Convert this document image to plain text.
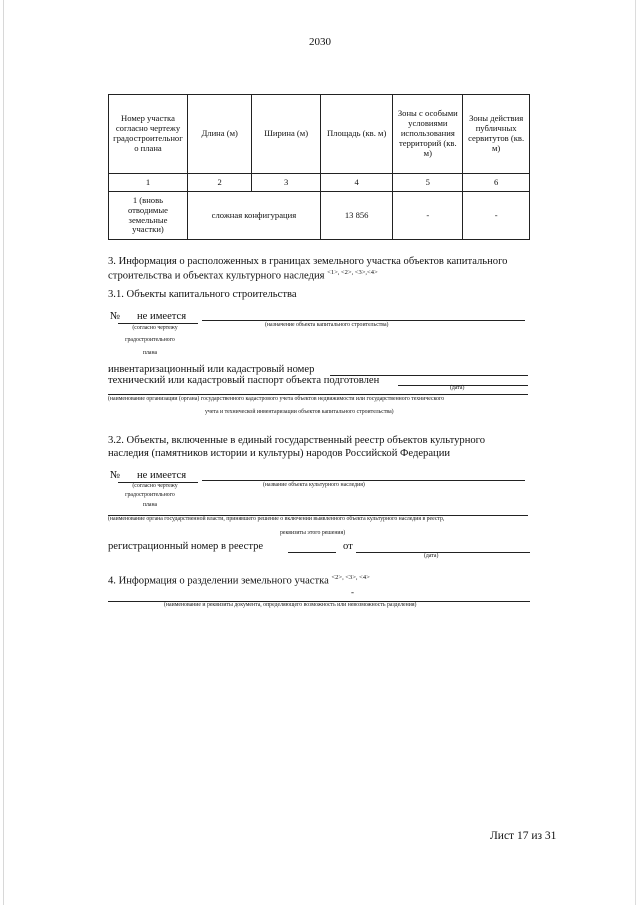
2030
Номер участка согласно чертежу градостроительног о плана	Длина (м)	Ширина (м)	Площадь (кв. м)	Зоны с особыми условиями использования территорий (кв. м)	Зоны действия публичных сервитутов (кв. м)
1	2	3	4	5	6
1 (вновь отводимые земельные участки)	сложная конфигурация		13 856	-	-
3. Информация о расположенных в границах земельного участка объектов капитального
строительства и объектах культурного наследия $^{<1>, <2>, <3>,<4>}$
3.1. Объекты капитального строительства
№ не имеется
(согласно чертежу	(назначение объекта капитального строительства)
градостроительного
плана
инвентаризационный или кадастровый номер
технический или кадастровый паспорт объекта подготовлен
(дата)
(наименование организации (органа) государственного кадастрового учета объектов недвижимости или государственного технического
учета и технической инвентаризации объектов капитального строительства)
3.2. Объекты, включенные в единый государственный реестр объектов культурного
наследия (памятников истории и культуры) народов Российской Федерации
№ не имеется
(согласно чертежу	(название объекта культурного наследия)
градостроительного
плана
(наименование органа государственной власти, принявшего решение о включении выявленного объекта культурного наследия в реестр,
реквизиты этого решения)
регистрационный номер в реестре	от
(дата)
4. Информация о разделении земельного участка $^{<2>, <3>, <4>}$
-
(наименование и реквизиты документа, определяющего возможность или невозможность разделения)
Лист 17 из 31
